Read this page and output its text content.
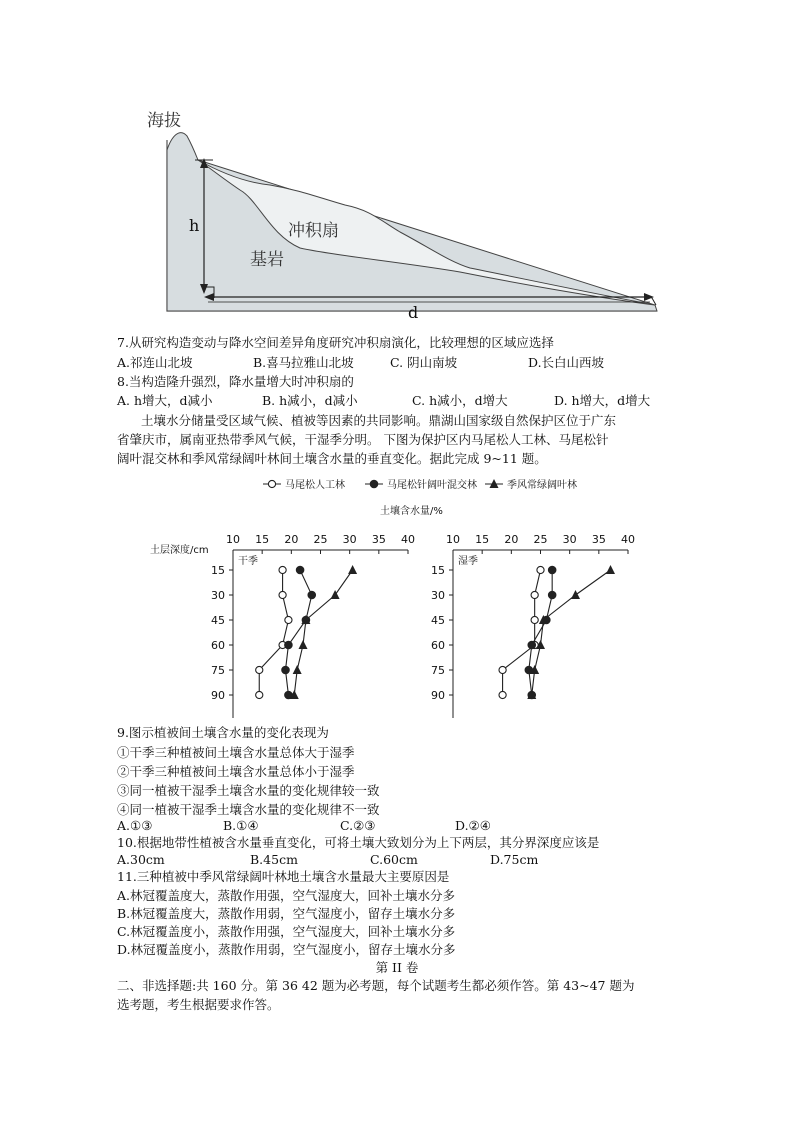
海拔
h	冲积扇
基岩
d
7.从研究构造变动与降水空间差异角度研究冲积扇演化，比较理想的区域应选择
A.祁连山北坡	B.喜马拉雅山北坡	C. 阴山南坡	D.长白山西坡
8.当构造隆升强烈，降水量增大时冲积扇的
A. h增大，d减小	B. h减小，d减小	C. h减小，d增大	D. h增大，d增大
土壤水分储量受区域气候、植被等因素的共同影响。鼎湖山国家级自然保护区位于广东
省肇庆市，属南亚热带季风气候，干湿季分明。 下图为保护区内马尾松人工林、马尾松针
阔叶混交林和季风常绿阔叶林间土壤含水量的垂直变化。据此完成 9~11 题。
马尾松人工林	马尾松针阔叶混交林	季风常绿阔叶林
土壤含水量/%
土层深度/cm
10 15 20 25 30 35 40
15
30
45
60
75
90
干季
10 15 20 25 30 35 40
15
30
45
60
75
90
湿季
9.图示植被间土壤含水量的变化表现为
①干季三种植被间土壤含水量总体大于湿季
②干季三种植被间土壤含水量总体小于湿季
③同一植被干湿季土壤含水量的变化规律较一致
④同一植被干湿季土壤含水量的变化规律不一致
A.①③	B.①④	C.②③	D.②④
10.根据地带性植被含水量垂直变化，可将土壤大致划分为上下两层，其分界深度应该是
A.30cm	B.45cm	C.60cm	D.75cm
11.三种植被中季风常绿阔叶林地土壤含水量最大主要原因是
A.林冠覆盖度大，蒸散作用强，空气湿度大，回补土壤水分多
B.林冠覆盖度大，蒸散作用弱，空气湿度小，留存土壤水分多
C.林冠覆盖度小，蒸散作用强，空气湿度大，回补土壤水分多
D.林冠覆盖度小，蒸散作用弱，空气湿度小，留存土壤水分多
第 II 卷
二、非选择题:共 160 分。第 36 42 题为必考题，每个试题考生都必须作答。第 43~47 题为
选考题，考生根据要求作答。
